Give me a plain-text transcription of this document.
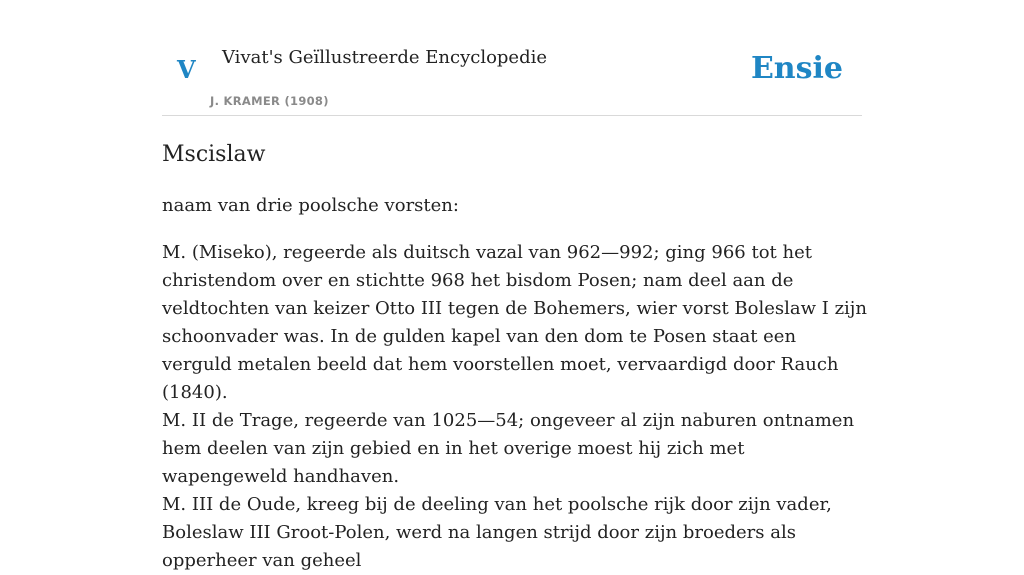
V Vivat's Geïllustreerde Encyclopedie
J. KRAMER (1908)
Ensie
Mscislaw

naam van drie poolsche vorsten:

M. (Miseko), regeerde als duitsch vazal van 962—992; ging 966 tot het christendom over en stichtte 968 het bisdom Posen; nam deel aan de veldtochten van keizer Otto III tegen de Bohemers, wier vorst Boleslaw I zijn schoonvader was. In de gulden kapel van den dom te Posen staat een verguld metalen beeld dat hem voorstellen moet, vervaardigd door Rauch (1840).

M. II de Trage, regeerde van 1025—54; ongeveer al zijn naburen ontnamen hem deelen van zijn gebied en in het overige moest hij zich met wapengeweld handhaven.

M. III de Oude, kreeg bij de deeling van het poolsche rijk door zijn vader, Boleslaw III Groot-Polen, werd na langen strijd door zijn broeders als opperheer van geheel
